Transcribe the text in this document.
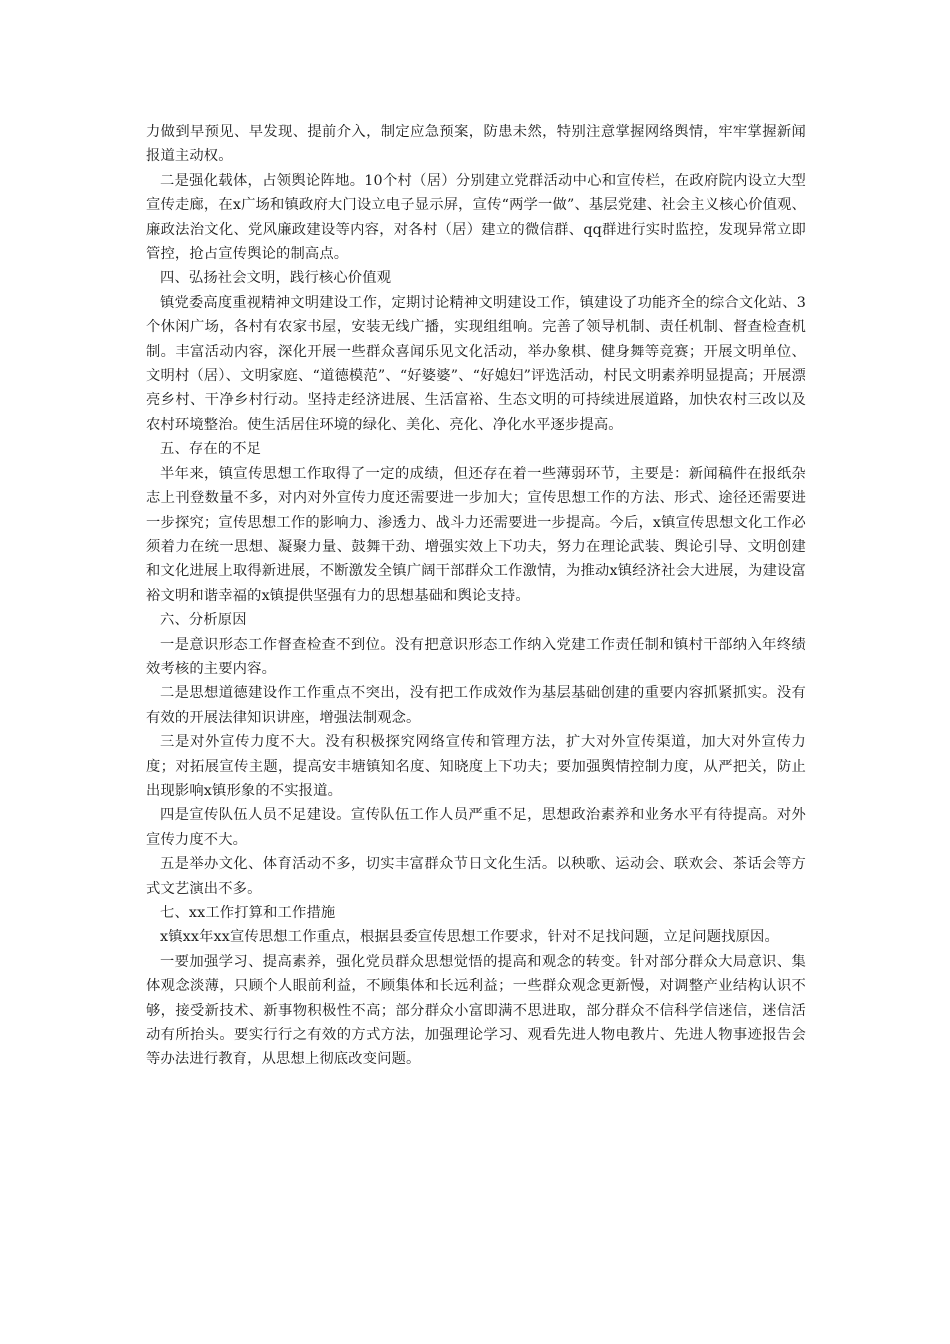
力做到早预见、早发现、提前介入，制定应急预案，防患未然，特别注意掌握网络舆情，牢牢掌握新闻报道主动权。

二是强化载体，占领舆论阵地。10个村（居）分别建立党群活动中心和宣传栏，在政府院内设立大型宣传走廊，在x广场和镇政府大门设立电子显示屏，宣传“两学一做”、基层党建、社会主义核心价值观、廉政法治文化、党风廉政建设等内容，对各村（居）建立的微信群、qq群进行实时监控，发现异常立即管控，抢占宣传舆论的制高点。

四、弘扬社会文明，践行核心价值观

镇党委高度重视精神文明建设工作，定期讨论精神文明建设工作，镇建设了功能齐全的综合文化站、3个休闲广场，各村有农家书屋，安装无线广播，实现组组响。完善了领导机制、责任机制、督查检查机制。丰富活动内容，深化开展一些群众喜闻乐见文化活动，举办象棋、健身舞等竞赛；开展文明单位、文明村（居）、文明家庭、“道德模范”、“好婆婆”、“好媳妇”评选活动，村民文明素养明显提高；开展漂亮乡村、干净乡村行动。坚持走经济进展、生活富裕、生态文明的可持续进展道路，加快农村三改以及农村环境整治。使生活居住环境的绿化、美化、亮化、净化水平逐步提高。

五、存在的不足

半年来，镇宣传思想工作取得了一定的成绩，但还存在着一些薄弱环节，主要是：新闻稿件在报纸杂志上刊登数量不多，对内对外宣传力度还需要进一步加大；宣传思想工作的方法、形式、途径还需要进一步探究；宣传思想工作的影响力、渗透力、战斗力还需要进一步提高。今后，x镇宣传思想文化工作必须着力在统一思想、凝聚力量、鼓舞干劲、增强实效上下功夫，努力在理论武装、舆论引导、文明创建和文化进展上取得新进展，不断激发全镇广阔干部群众工作激情，为推动x镇经济社会大进展，为建设富裕文明和谐幸福的x镇提供坚强有力的思想基础和舆论支持。

六、分析原因

一是意识形态工作督查检查不到位。没有把意识形态工作纳入党建工作责任制和镇村干部纳入年终绩效考核的主要内容。

二是思想道德建设作工作重点不突出，没有把工作成效作为基层基础创建的重要内容抓紧抓实。没有有效的开展法律知识讲座，增强法制观念。

三是对外宣传力度不大。没有积极探究网络宣传和管理方法，扩大对外宣传渠道，加大对外宣传力度；对拓展宣传主题，提高安丰塘镇知名度、知晓度上下功夫；要加强舆情控制力度，从严把关，防止出现影响x镇形象的不实报道。

四是宣传队伍人员不足建设。宣传队伍工作人员严重不足，思想政治素养和业务水平有待提高。对外宣传力度不大。

五是举办文化、体育活动不多，切实丰富群众节日文化生活。以秧歌、运动会、联欢会、茶话会等方式文艺演出不多。

七、xx工作打算和工作措施

x镇xx年xx宣传思想工作重点，根据县委宣传思想工作要求，针对不足找问题，立足问题找原因。

一要加强学习、提高素养，强化党员群众思想觉悟的提高和观念的转变。针对部分群众大局意识、集体观念淡薄，只顾个人眼前利益，不顾集体和长远利益；一些群众观念更新慢，对调整产业结构认识不够，接受新技术、新事物积极性不高；部分群众小富即满不思进取，部分群众不信科学信迷信，迷信活动有所抬头。要实行行之有效的方式方法，加强理论学习、观看先进人物电教片、先进人物事迹报告会等办法进行教育，从思想上彻底改变问题。
